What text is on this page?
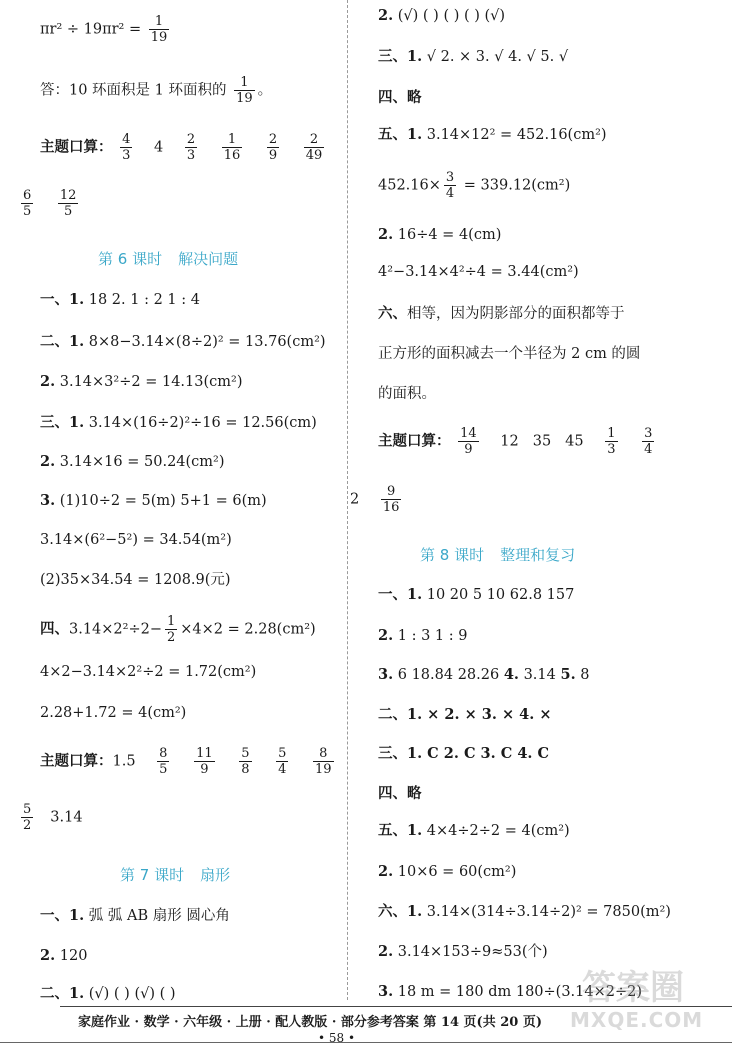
$\pi r^2 \div 19\pi r^2 = \frac{1}{19}$
答：10 环面积是 1 环面积的 $\frac{1}{19}$ 。
主题口算： $\frac{4}{3} 4 \frac{2}{3}$
$\frac{1}{16}$
$\frac{2}{9}$
$\frac{2}{49}$
$\frac{6}{5}$
$\frac{12}{5}$
第 6 课时 解决问题
一、1. 18 2. 1 : 2 1 : 4
二、1. 8×8−3.14×(8÷2)² = 13.76(cm²)
2. 3.14×3²÷2 = 14.13(cm²)
三、1. 3.14×(16÷2)²÷16 = 12.56(cm)
2. 3.14×16 = 50.24(cm²)
3. (1)10÷2 = 5(m) 5+1 = 6(m)
3.14×(6²−5²) = 34.54(m²)
(2)35×34.54 = 1208.9(元)
四、$3.14\times 2^2\div 2- \frac{1}{2} \times 4\times 2 = 2.28(cm^2)$
4×2−3.14×2²÷2 = 1.72(cm²)
2.28+1.72 = 4(cm²)
主题口算：$1.5 \frac{8}{5}$
$\frac{11}{9}$
$\frac{5}{8}$
$\frac{5}{4}$
$\frac{8}{19}$
$\frac{5}{2} 3.14$
第 7 课时 扇形
一、1. 弧 弧 AB 扇形 圆心角
2. 120
二、1. (√) ( ) (√) ( )
2. (√) ( ) ( ) ( ) (√)
三、1. √ 2. × 3. √ 4. √ 5. √
四、略
五、1. 3.14×12² = 452.16(cm²)
$452.16\times \frac{3}{4} = 339.12(cm^2)$
2. 16÷4 = 4(cm)
4²−3.14×4²÷4 = 3.44(cm²)
六、相等，因为阴影部分的面积都等于
正方形的面积减去一个半径为 2 cm 的圆
的面积。
主题口算： $\frac{14}{9} 12$ 35 $45 \frac{1}{3}$
$\frac{3}{4}$
$2 \frac{9}{16}$
第 8 课时 整理和复习
一、1. 10 20 5 10 62.8 157
2. 1 : 3 1 : 9
3. 6 18.84 28.26 4. 3.14 5. 8
二、1. × 2. × 3. × 4. ×
三、1. C 2. C 3. C 4. C
四、略
五、1. 4×4÷2÷2 = 4(cm²)
2. 10×6 = 60(cm²)
六、1. 3.14×(314÷3.14÷2)² = 7850(m²)
2. 3.14×153÷9≈53(个)
3. 18 m = 180 dm 180÷(3.14×2÷2)
家庭作业 · 数学 · 六年级 · 上册 · 配人教版 · 部分参考答案 第 14 页(共 20 页)
• 58 •
答案圈
MXQE.COM
